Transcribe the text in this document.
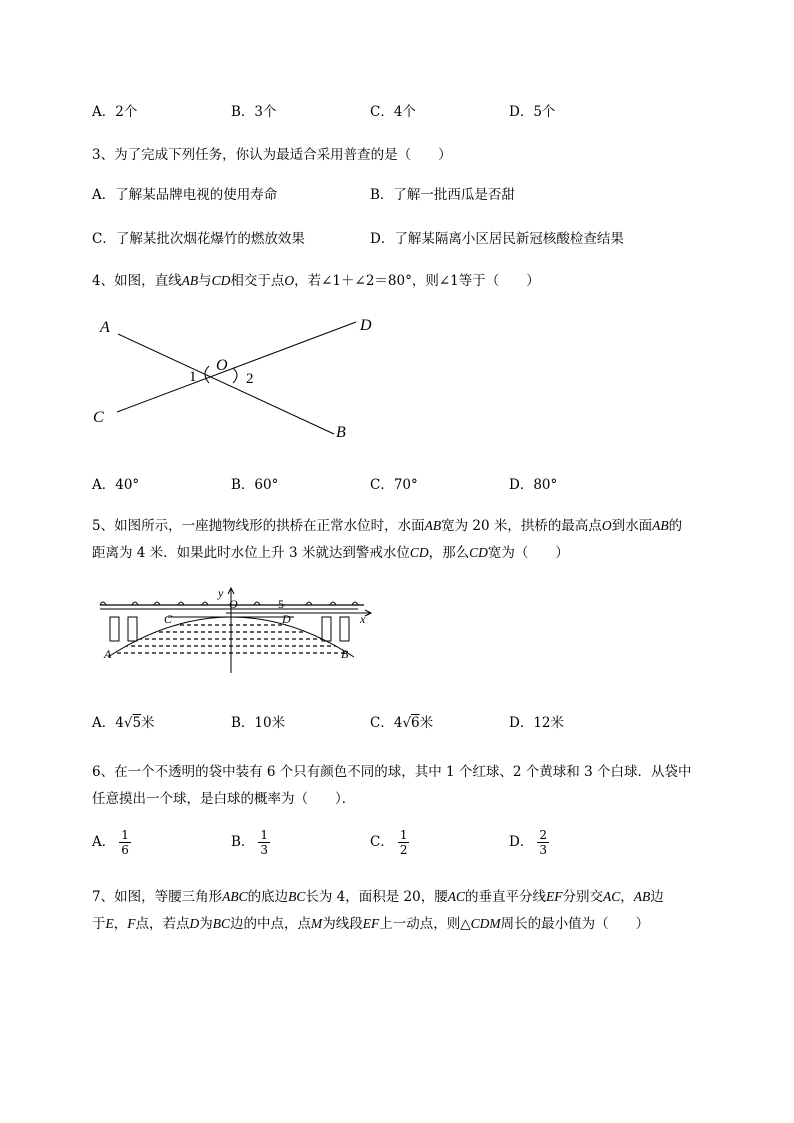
A．2个	B．3个	C．4个	D．5个
3、为了完成下列任务，你认为最适合采用普查的是（　　）
A．了解某品牌电视的使用寿命	B．了解一批西瓜是否甜
C．了解某批次烟花爆竹的燃放效果	D．了解某隔离小区居民新冠核酸检查结果
4、如图，直线AB与CD相交于点O，若∠1＋∠2＝80°，则∠1等于（　　）
A	D
C
B
O
1	2
A．40°	B．60°	C．70°	D．80°
5、如图所示，一座抛物线形的拱桥在正常水位时，水面AB宽为 20 米，拱桥的最高点O到水面AB的
距离为 4 米．如果此时水位上升 3 米就达到警戒水位CD，那么CD宽为（　　）
y
x
O	5
C	D
A	B
A．4√5米	B．10米	C．4√6米	D．12米
6、在一个不透明的袋中装有 6 个只有颜色不同的球，其中 1 个红球、2 个黄球和 3 个白球．从袋中
任意摸出一个球，是白球的概率为（　　）．
A． $\frac{1}{6}$	B． $\frac{1}{3}$	C． $\frac{1}{2}$	D． $\frac{2}{3}$
7、如图，等腰三角形ABC的底边BC长为 4，面积是 20，腰AC的垂直平分线EF分别交AC，AB边
于E，F点，若点D为BC边的中点，点M为线段EF上一动点，则△CDM周长的最小值为（　　）
